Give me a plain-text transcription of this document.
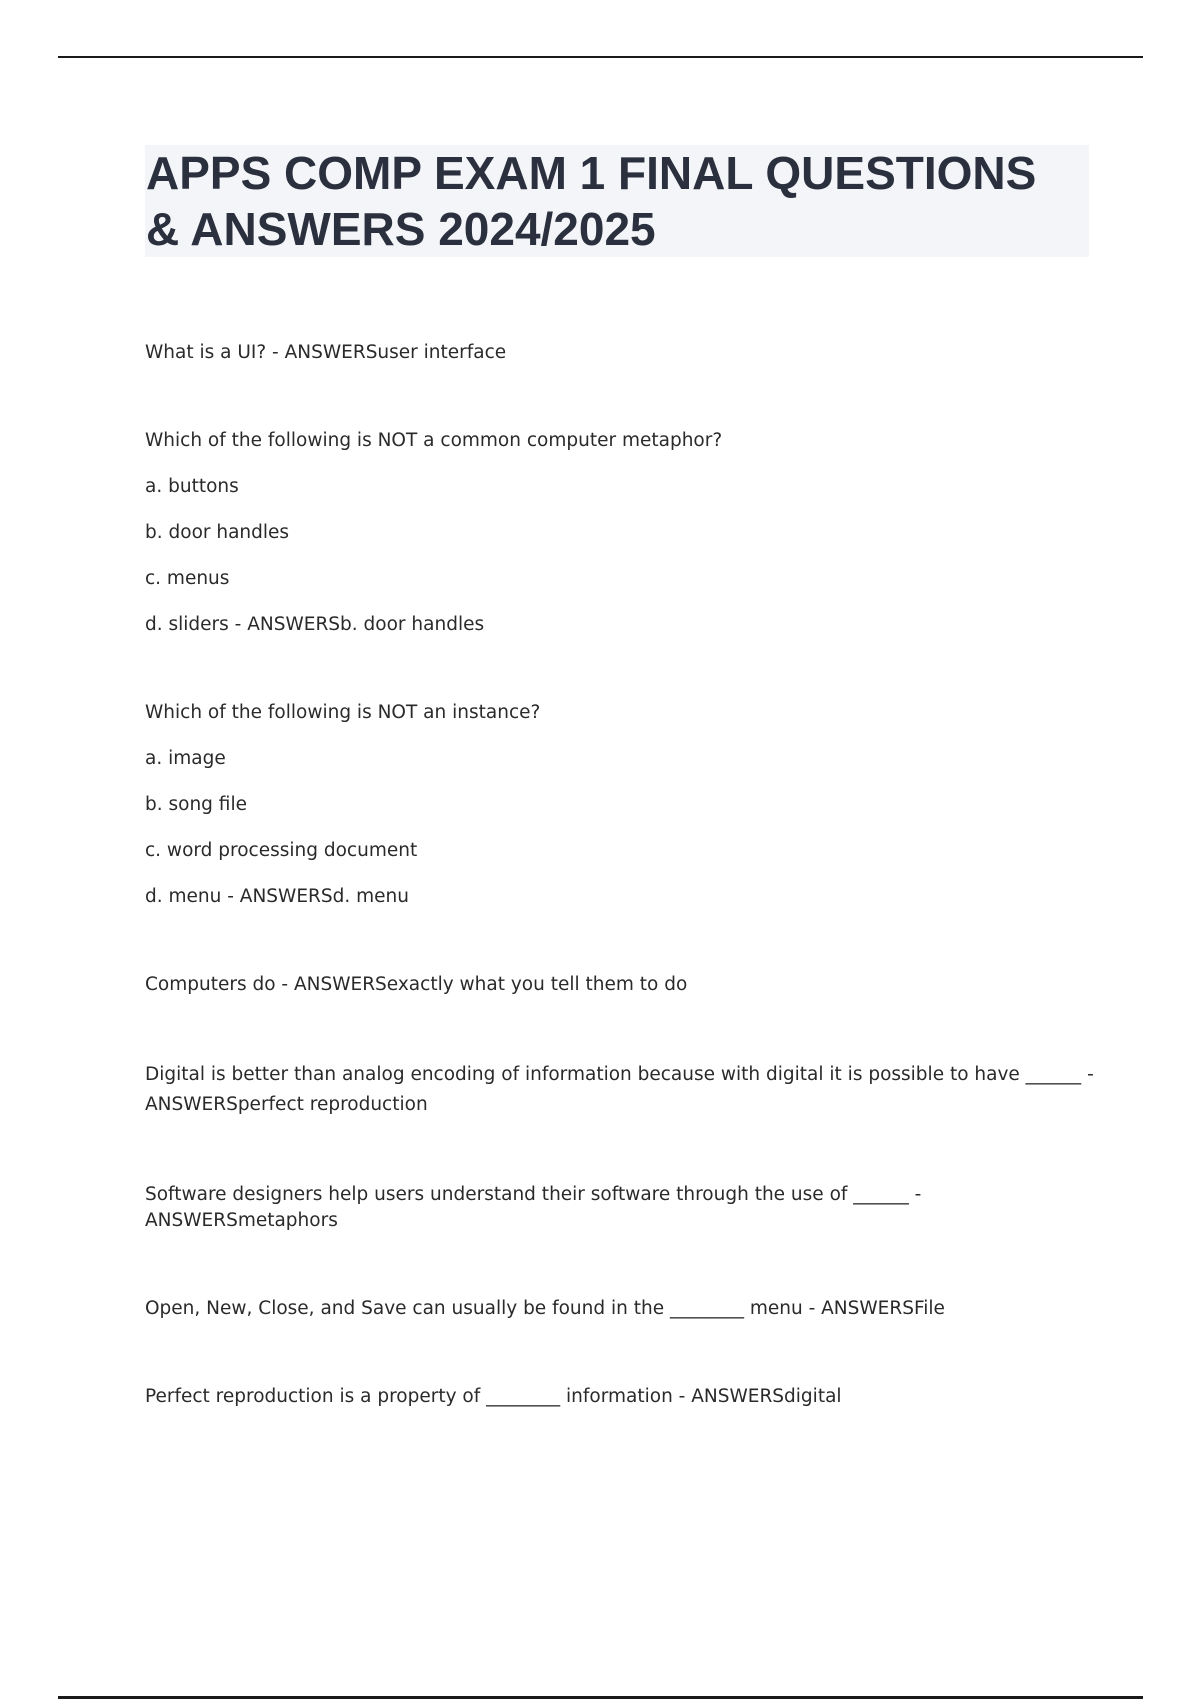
APPS COMP EXAM 1 FINAL QUESTIONS
& ANSWERS 2024/2025

What is a UI? - ANSWERSuser interface

Which of the following is NOT a common computer metaphor?

a. buttons

b. door handles

c. menus

d. sliders - ANSWERSb. door handles

Which of the following is NOT an instance?

a. image

b. song file

c. word processing document

d. menu - ANSWERSd. menu

Computers do - ANSWERSexactly what you tell them to do

Digital is better than analog encoding of information because with digital it is possible to have ______ - ANSWERSperfect reproduction

Software designers help users understand their software through the use of ______ - ANSWERSmetaphors

Open, New, Close, and Save can usually be found in the ________ menu - ANSWERSFile

Perfect reproduction is a property of ________ information - ANSWERSdigital
